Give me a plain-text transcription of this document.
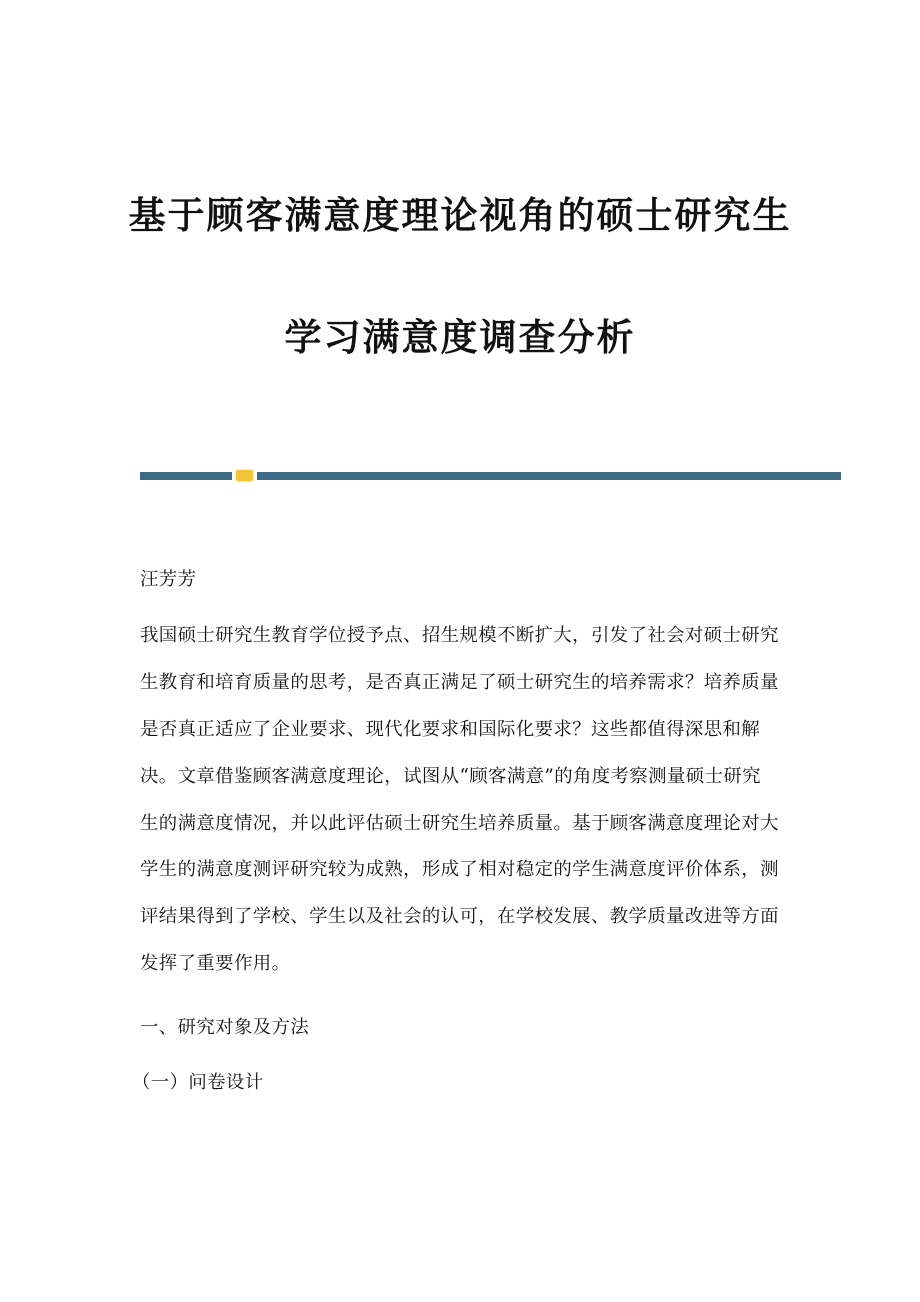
基于顾客满意度理论视角的硕士研究生
学习满意度调查分析
汪芳芳
我国硕士研究生教育学位授予点、招生规模不断扩大，引发了社会对硕士研究
生教育和培育质量的思考，是否真正满足了硕士研究生的培养需求？培养质量
是否真正适应了企业要求、现代化要求和国际化要求？这些都值得深思和解
决。文章借鉴顾客满意度理论，试图从“顾客满意”的角度考察测量硕士研究
生的满意度情况，并以此评估硕士研究生培养质量。基于顾客满意度理论对大
学生的满意度测评研究较为成熟，形成了相对稳定的学生满意度评价体系，测
评结果得到了学校、学生以及社会的认可，在学校发展、教学质量改进等方面
发挥了重要作用。
一、研究对象及方法
（一）问卷设计
